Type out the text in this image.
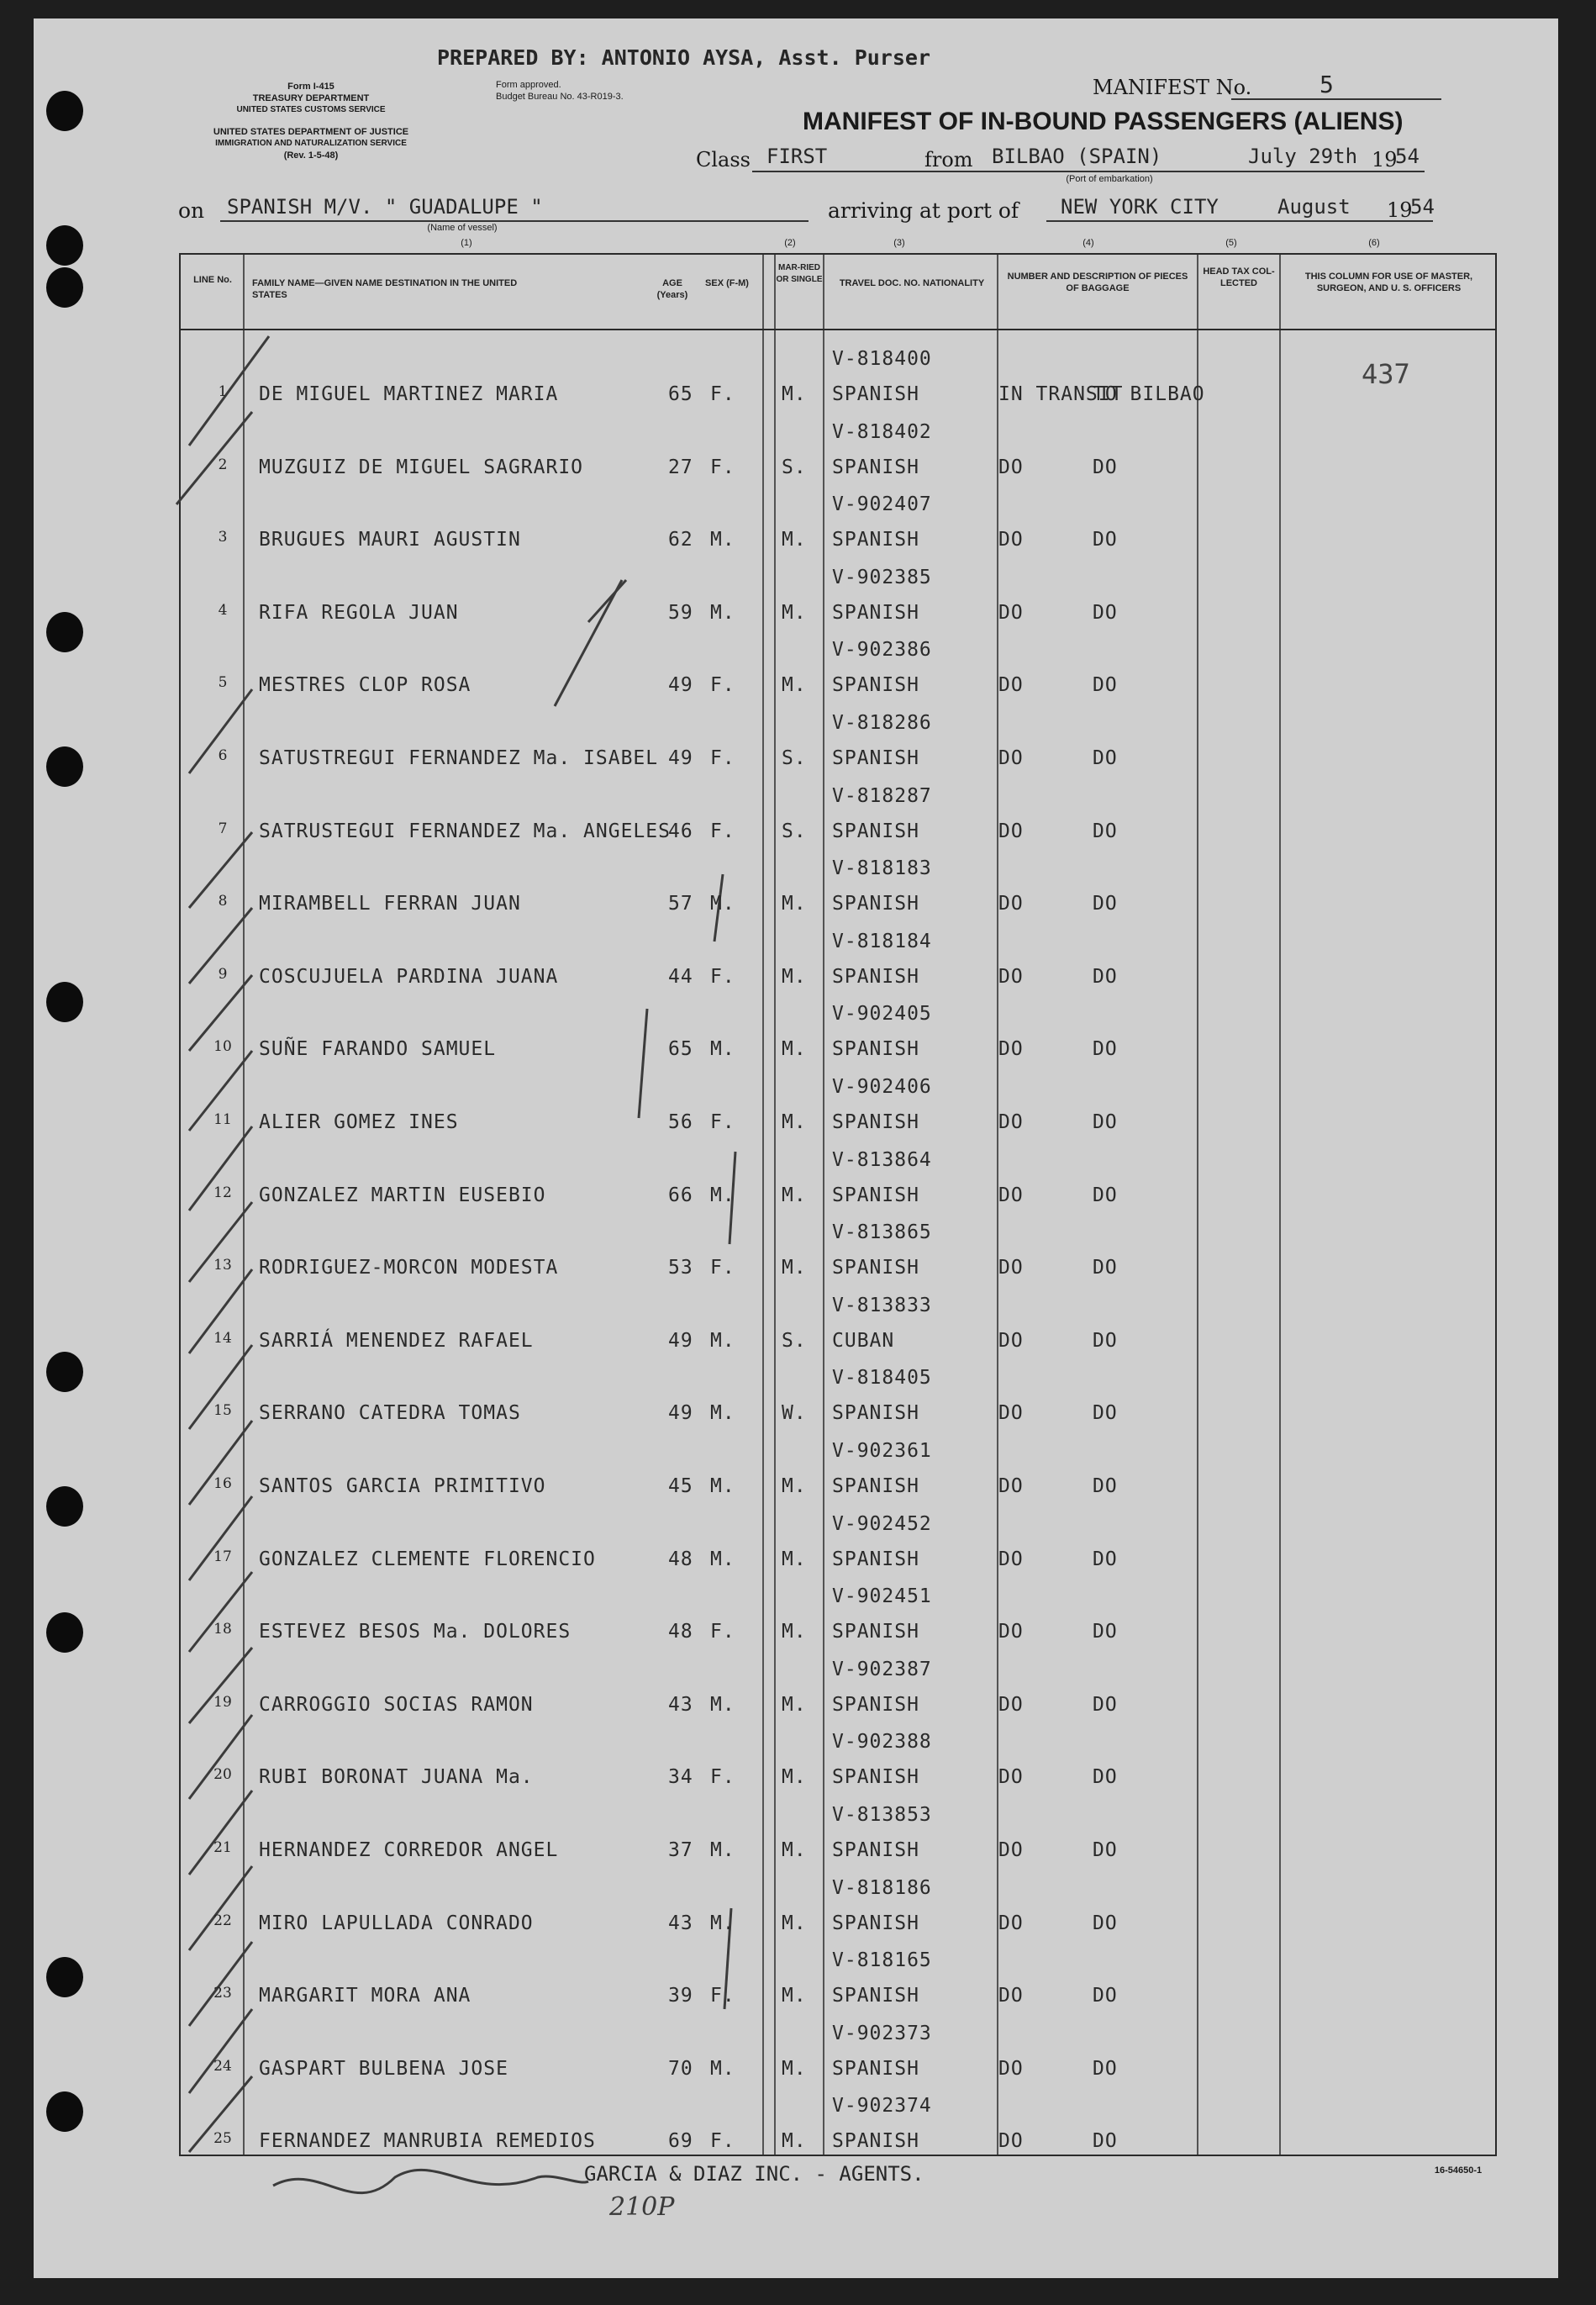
PREPARED BY: ANTONIO AYSA, Asst. Purser
Form I-415
TREASURY DEPARTMENT
UNITED STATES CUSTOMS SERVICE
UNITED STATES DEPARTMENT OF JUSTICE
IMMIGRATION AND NATURALIZATION SERVICE
(Rev. 1-5-48)
Form approved.
Budget Bureau No. 43-R019-3.	MANIFEST No.	5
MANIFEST OF IN-BOUND PASSENGERS (ALIENS)
Class FIRST	from BILBAO (SPAIN)	July 29th 19
54
(Port of embarkation)
on SPANISH M/V. " GUADALUPE "
(Name of vessel)
arriving at port of NEW YORK CITY	August 19
54
(1)	(2)	(3)	(4)	(5)	(6)
LINE No.	FAMILY NAME—GIVEN NAME DESTINATION IN THE UNITED STATES
AGE (Years)
SEX (F-M)
MAR-RIED OR SINGLE	TRAVEL DOC. NO. NATIONALITY
NUMBER AND DESCRIPTION OF PIECES OF BAGGAGE
HEAD TAX COL-LECTED
THIS COLUMN FOR USE OF MASTER, SURGEON, AND U. S. OFFICERS
437
1	DE MIGUEL MARTINEZ MARIA	65 F. M.
V-818400
SPANISH	IN TRANSIT
TO BILBAO
2	MUZGUIZ DE MIGUEL SAGRARIO	27 F. S.
V-818402
SPANISH	DO	DO
3	BRUGUES MAURI AGUSTIN	62 M. M.
V-902407
SPANISH	DO	DO
4	RIFA REGOLA JUAN	59 M. M.
V-902385
SPANISH	DO	DO
5	MESTRES CLOP ROSA	49 F. M.
V-902386
SPANISH	DO	DO
6	SATUSTREGUI FERNANDEZ Ma. ISABEL 49 F. S.
V-818286
SPANISH	DO	DO
7	SATRUSTEGUI FERNANDEZ Ma. ANGELES
46 F. S.
V-818287
SPANISH	DO	DO
8	MIRAMBELL FERRAN JUAN	57 M. M.
V-818183
SPANISH	DO	DO
9	COSCUJUELA PARDINA JUANA	44 F. M.
V-818184
SPANISH	DO	DO
10 SUÑE FARANDO SAMUEL	65 M. M.
V-902405
SPANISH	DO	DO
11 ALIER GOMEZ INES	56 F. M.
V-902406
SPANISH	DO	DO
12 GONZALEZ MARTIN EUSEBIO	66 M. M.
V-813864
SPANISH	DO	DO
13 RODRIGUEZ-MORCON MODESTA	53 F. M.
V-813865
SPANISH	DO	DO
14 SARRIÁ MENENDEZ RAFAEL	49 M. S.
V-813833
CUBAN	DO	DO
15 SERRANO CATEDRA TOMAS	49 M. W.
V-818405
SPANISH	DO	DO
16 SANTOS GARCIA PRIMITIVO	45 M. M.
V-902361
SPANISH	DO	DO
17 GONZALEZ CLEMENTE FLORENCIO	48 M. M.
V-902452
SPANISH	DO	DO
18 ESTEVEZ BESOS Ma. DOLORES	48 F. M.
V-902451
SPANISH	DO	DO
19 CARROGGIO SOCIAS RAMON	43 M. M.
V-902387
SPANISH	DO	DO
20 RUBI BORONAT JUANA Ma.	34 F. M.
V-902388
SPANISH	DO	DO
21 HERNANDEZ CORREDOR ANGEL	37 M. M.
V-813853
SPANISH	DO	DO
22 MIRO LAPULLADA CONRADO	43 M. M.
V-818186
SPANISH	DO	DO
23 MARGARIT MORA ANA	39 F. M.
V-818165
SPANISH	DO	DO
24 GASPART BULBENA JOSE	70 M. M.
V-902373
SPANISH	DO	DO
25 FERNANDEZ MANRUBIA REMEDIOS	69 F. M.
V-902374
SPANISH	DO	DO
GARCIA & DIAZ INC. - AGENTS.	16-54650-1
210P
